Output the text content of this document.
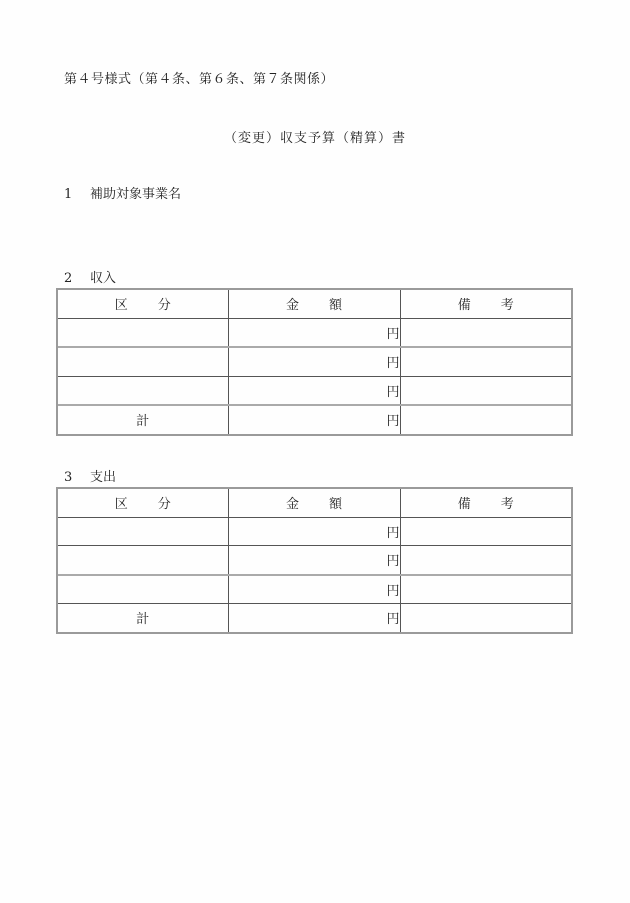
第４号様式（第４条、第６条、第７条関係）
（変更）収支予算（精算）書
1 補助対象事業名
2 収入
区 分	金 額	備 考
	円	
	円	
	円	
計	円	
3 支出
区 分	金 額	備 考
	円	
	円	
	円	
計	円	
